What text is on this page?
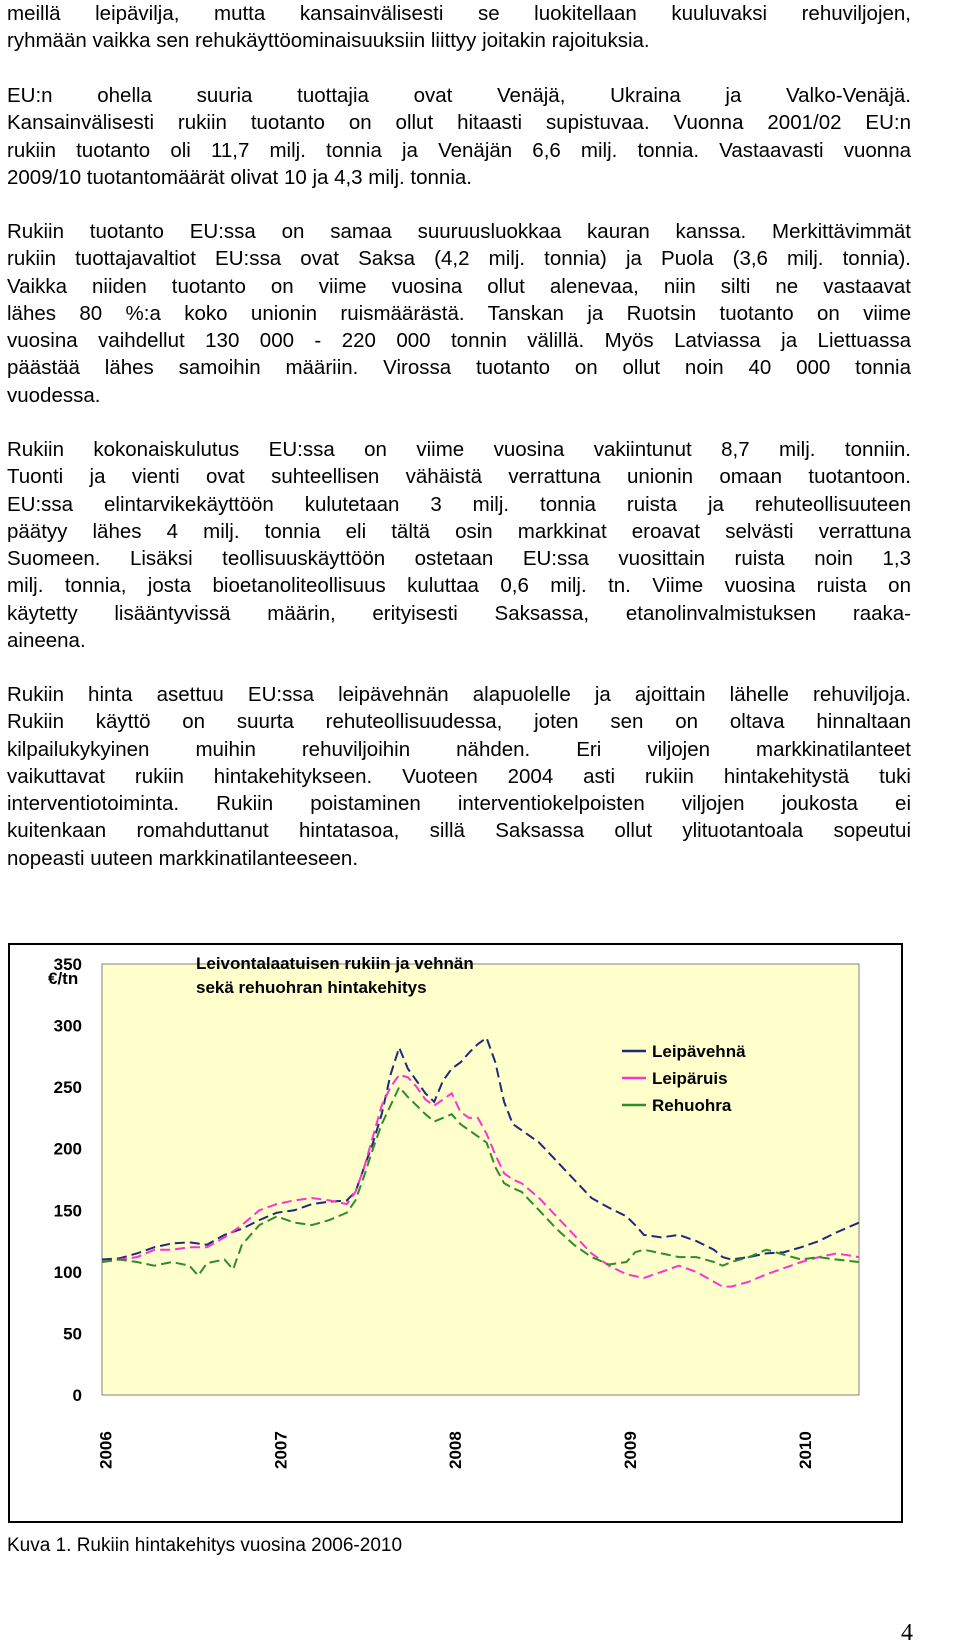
meillä leipävilja, mutta kansainvälisesti se luokitellaan kuuluvaksi rehuviljojen,
ryhmään vaikka sen rehukäyttöominaisuuksiin liittyy joitakin rajoituksia.
EU:n ohella suuria tuottajia ovat Venäjä, Ukraina ja Valko-Venäjä.
Kansainvälisesti rukiin tuotanto on ollut hitaasti supistuvaa. Vuonna 2001/02 EU:n
rukiin tuotanto oli 11,7 milj. tonnia ja Venäjän 6,6 milj. tonnia. Vastaavasti vuonna
2009/10 tuotantomäärät olivat 10 ja 4,3 milj. tonnia.
Rukiin tuotanto EU:ssa on samaa suuruusluokkaa kauran kanssa. Merkittävimmät
rukiin tuottajavaltiot EU:ssa ovat Saksa (4,2 milj. tonnia) ja Puola (3,6 milj. tonnia).
Vaikka niiden tuotanto on viime vuosina ollut alenevaa, niin silti ne vastaavat
lähes 80 %:a koko unionin ruismäärästä. Tanskan ja Ruotsin tuotanto on viime
vuosina vaihdellut 130 000 - 220 000 tonnin välillä. Myös Latviassa ja Liettuassa
päästää lähes samoihin määriin. Virossa tuotanto on ollut noin 40 000 tonnia
vuodessa.
Rukiin kokonaiskulutus EU:ssa on viime vuosina vakiintunut 8,7 milj. tonniin.
Tuonti ja vienti ovat suhteellisen vähäistä verrattuna unionin omaan tuotantoon.
EU:ssa elintarvikekäyttöön kulutetaan 3 milj. tonnia ruista ja rehuteollisuuteen
päätyy lähes 4 milj. tonnia eli tältä osin markkinat eroavat selvästi verrattuna
Suomeen. Lisäksi teollisuuskäyttöön ostetaan EU:ssa vuosittain ruista noin 1,3
milj. tonnia, josta bioetanoliteollisuus kuluttaa 0,6 milj. tn. Viime vuosina ruista on
käytetty lisääntyvissä määrin, erityisesti Saksassa, etanolinvalmistuksen raaka-
aineena.
Rukiin hinta asettuu EU:ssa leipävehnän alapuolelle ja ajoittain lähelle rehuviljoja.
Rukiin käyttö on suurta rehuteollisuudessa, joten sen on oltava hinnaltaan
kilpailukykyinen muihin rehuviljoihin nähden. Eri viljojen markkinatilanteet
vaikuttavat rukiin hintakehitykseen. Vuoteen 2004 asti rukiin hintakehitystä tuki
interventiotoiminta. Rukiin poistaminen interventiokelpoisten viljojen joukosta ei
kuitenkaan romahduttanut hintatasoa, sillä Saksassa ollut ylituotantoala sopeutui
nopeasti uuteen markkinatilanteeseen.
0
50
100
150
200
250
300
350
2006	2007	2008	2009	2010
€/tn
Leivontalaatuisen rukiin ja vehnän
sekä rehuohran hintakehitys
Leipävehnä
Leipäruis
Rehuohra
Kuva 1. Rukiin hintakehitys vuosina 2006-2010
4
